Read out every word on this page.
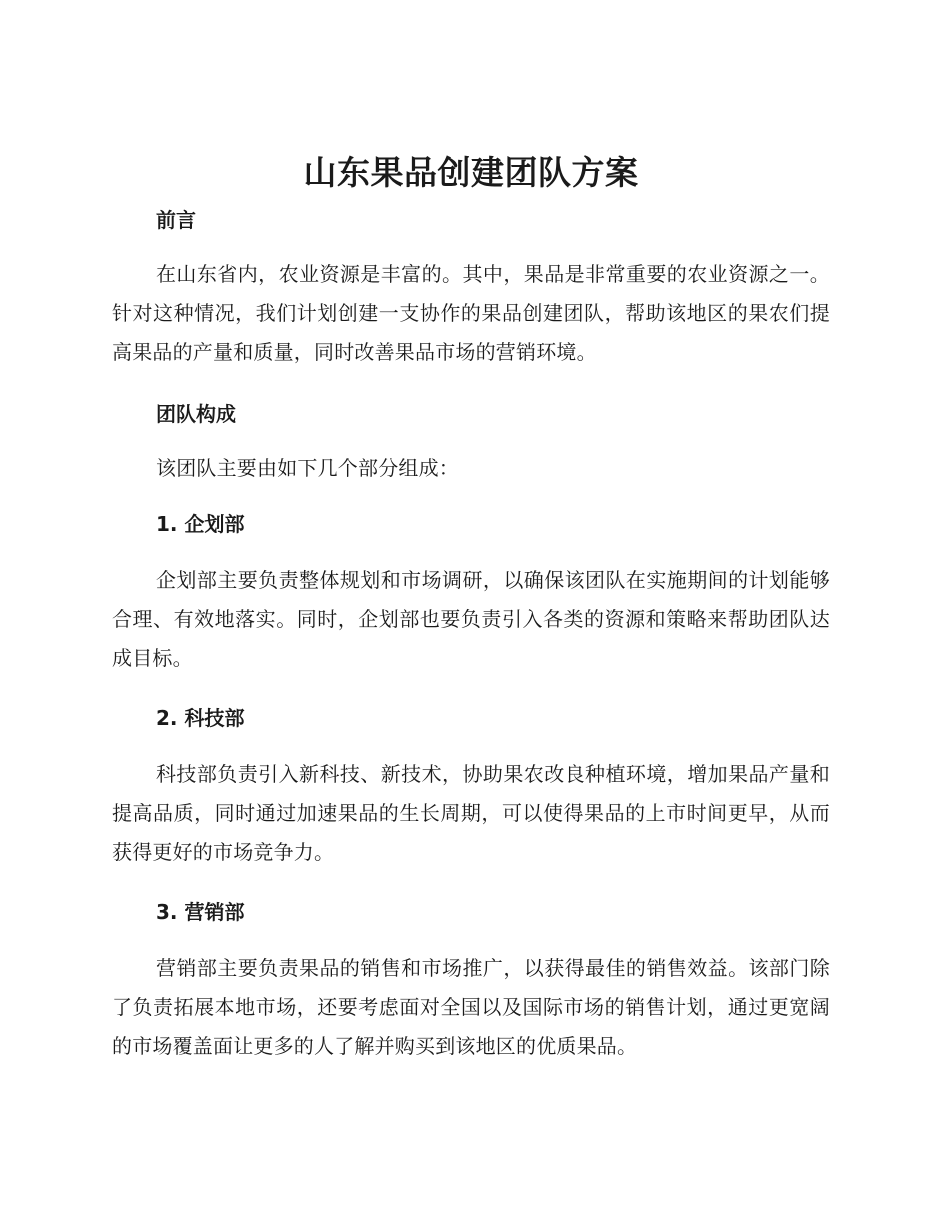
山东果品创建团队方案
前言

在山东省内，农业资源是丰富的。其中，果品是非常重要的农业资源之一。针对这种情况，我们计划创建一支协作的果品创建团队，帮助该地区的果农们提高果品的产量和质量，同时改善果品市场的营销环境。

团队构成

该团队主要由如下几个部分组成：

1. 企划部

企划部主要负责整体规划和市场调研，以确保该团队在实施期间的计划能够合理、有效地落实。同时，企划部也要负责引入各类的资源和策略来帮助团队达成目标。

2. 科技部

科技部负责引入新科技、新技术，协助果农改良种植环境，增加果品产量和提高品质，同时通过加速果品的生长周期，可以使得果品的上市时间更早，从而获得更好的市场竞争力。

3. 营销部

营销部主要负责果品的销售和市场推广，以获得最佳的销售效益。该部门除了负责拓展本地市场，还要考虑面对全国以及国际市场的销售计划，通过更宽阔的市场覆盖面让更多的人了解并购买到该地区的优质果品。
